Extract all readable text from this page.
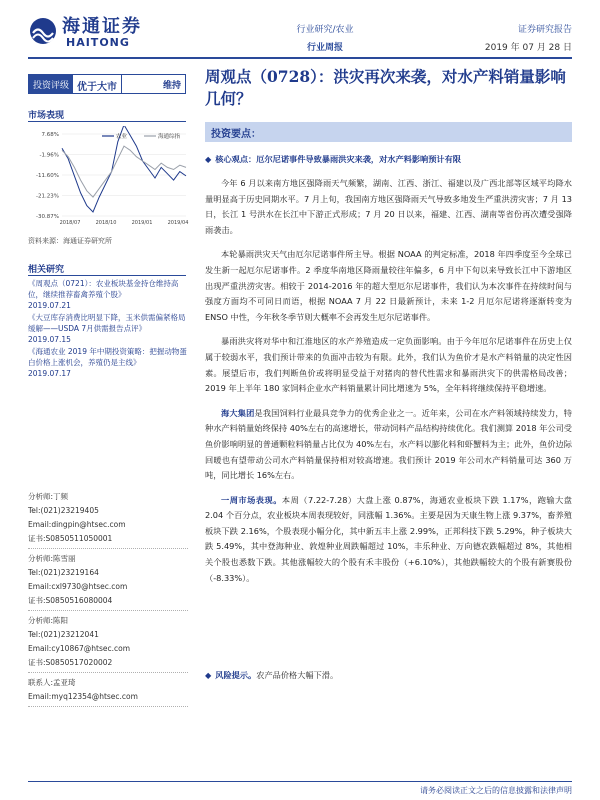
海通证券
HAITONG
行业研究/农业
行业周报
证券研究报告
2019 年 07 月 28 日
投资评级 优于大市	维持
市场表现
7.68%
-1.96%
-11.60%
-21.23%
-30.87%
2018/07	2018/10	2019/01	2019/04
农业	海通综指
资料来源：海通证券研究所
相关研究
《周观点（0721）：农业板块基金持仓维持高位，继续推荐畜禽养殖个股》
2019.07.21
《大豆库存消费比明显下降，玉米供需偏紧格局缓解——USDA 7月供需报告点评》
2019.07.15
《海通农业 2019 年中期投资策略：把握动物蛋白价格上涨机会，养殖仍是主线》
2019.07.17
分析师:丁频
Tel:(021)23219405
Email:dingpin@htsec.com
证书:S0850511050001
分析师:陈雪丽
Tel:(021)23219164
Email:cxl9730@htsec.com
证书:S0850516080004
分析师:陈阳
Tel:(021)23212041
Email:cy10867@htsec.com
证书:S0850517020002
联系人:孟亚琦
Email:myq12354@htsec.com
周观点（0728）：洪灾再次来袭，对水产料销量影响几何？
投资要点：
◆ 核心观点：厄尔尼诺事件导致暴雨洪灾来袭，对水产料影响预计有限

今年 6 月以来南方地区强降雨天气频繁，湖南、江西、浙江、福建以及广西北部等区域平均降水量明显高于历史同期水平。7 月上旬，我国南方地区强降雨天气导致多地发生严重洪涝灾害；7 月 13 日，长江 1 号洪水在长江中下游正式形成；7 月 20 日以来，福建、江西、湖南等省份再次遭受强降雨袭击。

本轮暴雨洪灾天气由厄尔尼诺事件所主导。根据 NOAA 的判定标准，2018 年四季度至今全球已发生新一起厄尔尼诺事件。2 季度华南地区降雨量较往年偏多，6 月中下旬以来导致长江中下游地区出现严重洪涝灾害。相较于 2014-2016 年的超大型厄尔尼诺事件，我们认为本次事件在持续时间与强度方面均不可同日而语，根据 NOAA 7 月 22 日最新预计，未来 1-2 月厄尔尼诺将逐渐转变为 ENSO 中性，今年秋冬季节则大概率不会再发生厄尔尼诺事件。

暴雨洪灾将对华中和江淮地区的水产养殖造成一定负面影响。由于今年厄尔尼诺事件在历史上仅属于较弱水平，我们预计带来的负面冲击较为有限。此外，我们认为鱼价才是水产料销量的决定性因素。展望后市，我们判断鱼价或将明显受益于对猪肉的替代性需求和暴雨洪灾下的供需格局改善；2019 年上半年 180 家饲料企业水产料销量累计同比增速为 5%，全年料将继续保持平稳增速。

海大集团是我国饲料行业最具竞争力的优秀企业之一。近年来，公司在水产料领域持续发力，特种水产料销量始终保持 40%左右的高速增长，带动饲料产品结构持续优化。我们测算 2018 年公司受鱼价影响明显的普通颗粒料销量占比仅为 40%左右，水产料以膨化料和虾蟹料为主；此外，鱼价边际回暖也有望带动公司水产料销量保持相对较高增速。我们预计 2019 年公司水产料销量可达 360 万吨，同比增长 16%左右。

一周市场表现。本周（7.22-7.28）大盘上涨 0.87%，海通农业板块下跌 1.17%，跑输大盘 2.04 个百分点，农业板块本周表现较好，同涨幅 1.36%。主要是因为天康生物上涨 9.37%，畜养殖板块下跌 2.16%，个股表现小幅分化，其中新五丰上涨 2.99%，正邦科技下跌 5.29%，种子板块大跌 5.49%，其中登海种业、敦煌种业周跌幅超过 10%，丰乐种业、万向德农跌幅超过 8%，其他相关个股也悉数下跌。其他涨幅较大的个股有禾丰股份（+6.10%），其他跌幅较大的个股有新赛股份（-8.33%）。

◆ 风险提示。农产品价格大幅下滑。
请务必阅读正文之后的信息披露和法律声明
